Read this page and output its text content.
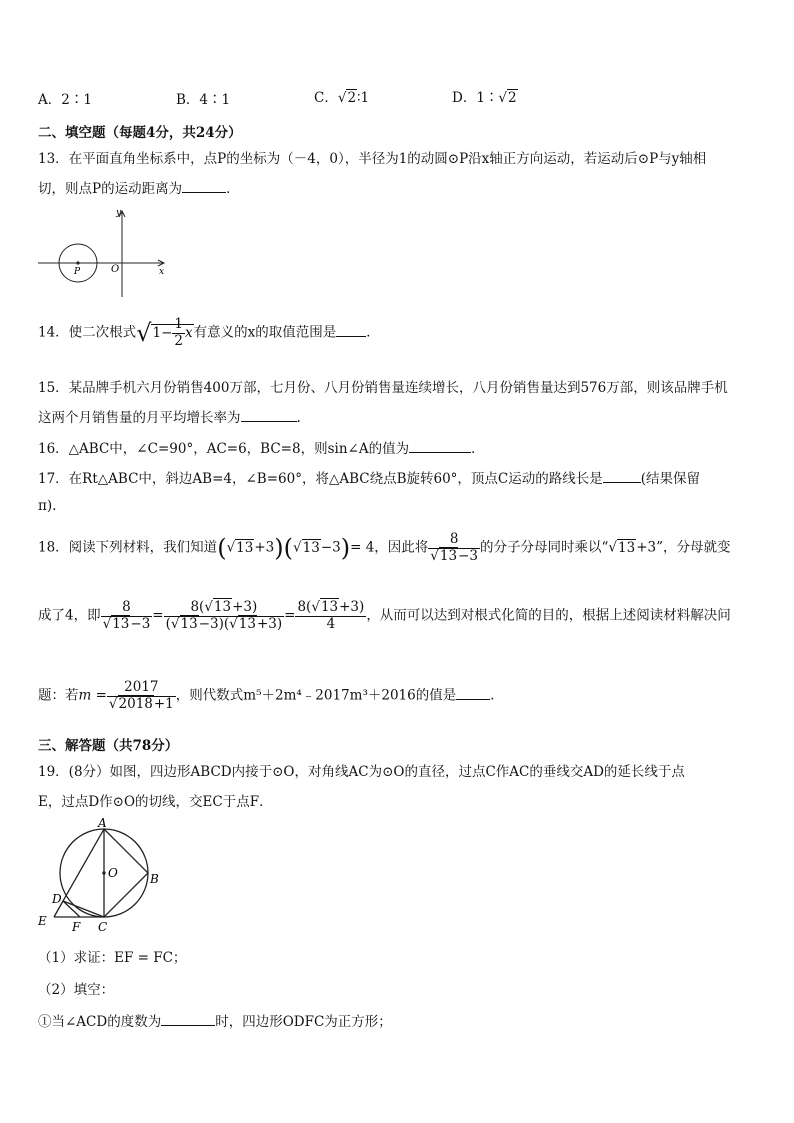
A．2∶1	B．4∶1	C．√2∶1	D．1∶√2
二、填空题（每题4分，共24分）
13．在平面直角坐标系中，点P的坐标为（－4，0），半径为1的动圆⊙P沿x轴正方向运动，若运动后⊙P与y轴相
切，则点P的运动距离为	．
y
x
O
P
14．使二次根式$√1- \frac{1}{2}$ x有意义的x的取值范围是 ．
15．某品牌手机六月份销售400万部，七月份、八月份销售量连续增长，八月份销售量达到576万部，则该品牌手机
这两个月销售量的月平均增长率为	.
16．△ABC中，∠C=90°，AC=6，BC=8，则sin∠A的值为	．
17．在Rt△ABC中，斜边AB=4，∠B=60°，将△ABC绕点B旋转60°，顶点C运动的路线长是	(结果保留
π).
18．阅读下列材料，我们知道(√13+3)(√13−3)= 4，因此将 $\frac{8}{√13-3}$ 的分子分母同时乘以“√13+3”，分母就变
成了4，即 $\frac{8}{√13-3} = \frac{8(√13+3)}{(√13-3)(√13+3)} = \frac{8(√13+3)}{4}$ ，从而可以达到对根式化简的目的，根据上述阅读材料解决问
题：若$m = \frac{2017}{√2018+1}$ ，则代数式m⁵＋2m⁴﹣2017m³＋2016的值是	．
三、解答题（共78分）
19．(8分）如图，四边形ABCD内接于⊙O，对角线AC为⊙O的直径，过点C作AC的垂线交AD的延长线于点
E，过点D作⊙O的切线，交EC于点F．
A
B
C
D
E F
O
（1）求证：EF = FC；
（2）填空：
①当∠ACD的度数为	时，四边形ODFC为正方形；
